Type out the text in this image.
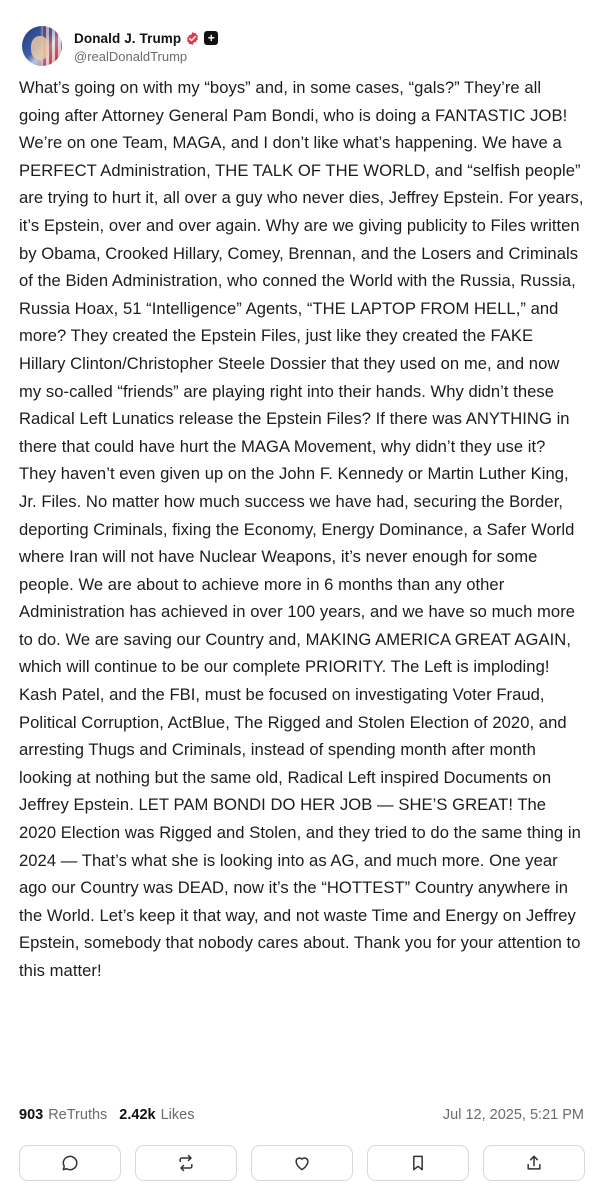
Donald J. Trump +
@realDonaldTrump
What’s going on with my “boys” and, in some cases, “gals?” They’re all going after Attorney General Pam Bondi, who is doing a FANTASTIC JOB! We’re on one Team, MAGA, and I don’t like what’s happening. We have a PERFECT Administration, THE TALK OF THE WORLD, and “selfish people” are trying to hurt it, all over a guy who never dies, Jeffrey Epstein. For years, it’s Epstein, over and over again. Why are we giving publicity to Files written by Obama, Crooked Hillary, Comey, Brennan, and the Losers and Criminals of the Biden Administration, who conned the World with the Russia, Russia, Russia Hoax, 51 “Intelligence” Agents, “THE LAPTOP FROM HELL,” and more? They created the Epstein Files, just like they created the FAKE Hillary Clinton/Christopher Steele Dossier that they used on me, and now my so-called “friends” are playing right into their hands. Why didn’t these Radical Left Lunatics release the Epstein Files? If there was ANYTHING in there that could have hurt the MAGA Movement, why didn’t they use it? They haven’t even given up on the John F. Kennedy or Martin Luther King, Jr. Files. No matter how much success we have had, securing the Border, deporting Criminals, fixing the Economy, Energy Dominance, a Safer World where Iran will not have Nuclear Weapons, it’s never enough for some people. We are about to achieve more in 6 months than any other Administration has achieved in over 100 years, and we have so much more to do. We are saving our Country and, MAKING AMERICA GREAT AGAIN, which will continue to be our complete PRIORITY. The Left is imploding! Kash Patel, and the FBI, must be focused on investigating Voter Fraud, Political Corruption, ActBlue, The Rigged and Stolen Election of 2020, and arresting Thugs and Criminals, instead of spending month after month looking at nothing but the same old, Radical Left inspired Documents on Jeffrey Epstein. LET PAM BONDI DO HER JOB — SHE’S GREAT! The 2020 Election was Rigged and Stolen, and they tried to do the same thing in 2024 — That’s what she is looking into as AG, and much more. One year ago our Country was DEAD, now it’s the “HOTTEST” Country anywhere in the World. Let’s keep it that way, and not waste Time and Energy on Jeffrey Epstein, somebody that nobody cares about. Thank you for your attention to this matter!
903 ReTruths 2.42k Likes	Jul 12, 2025, 5:21 PM
